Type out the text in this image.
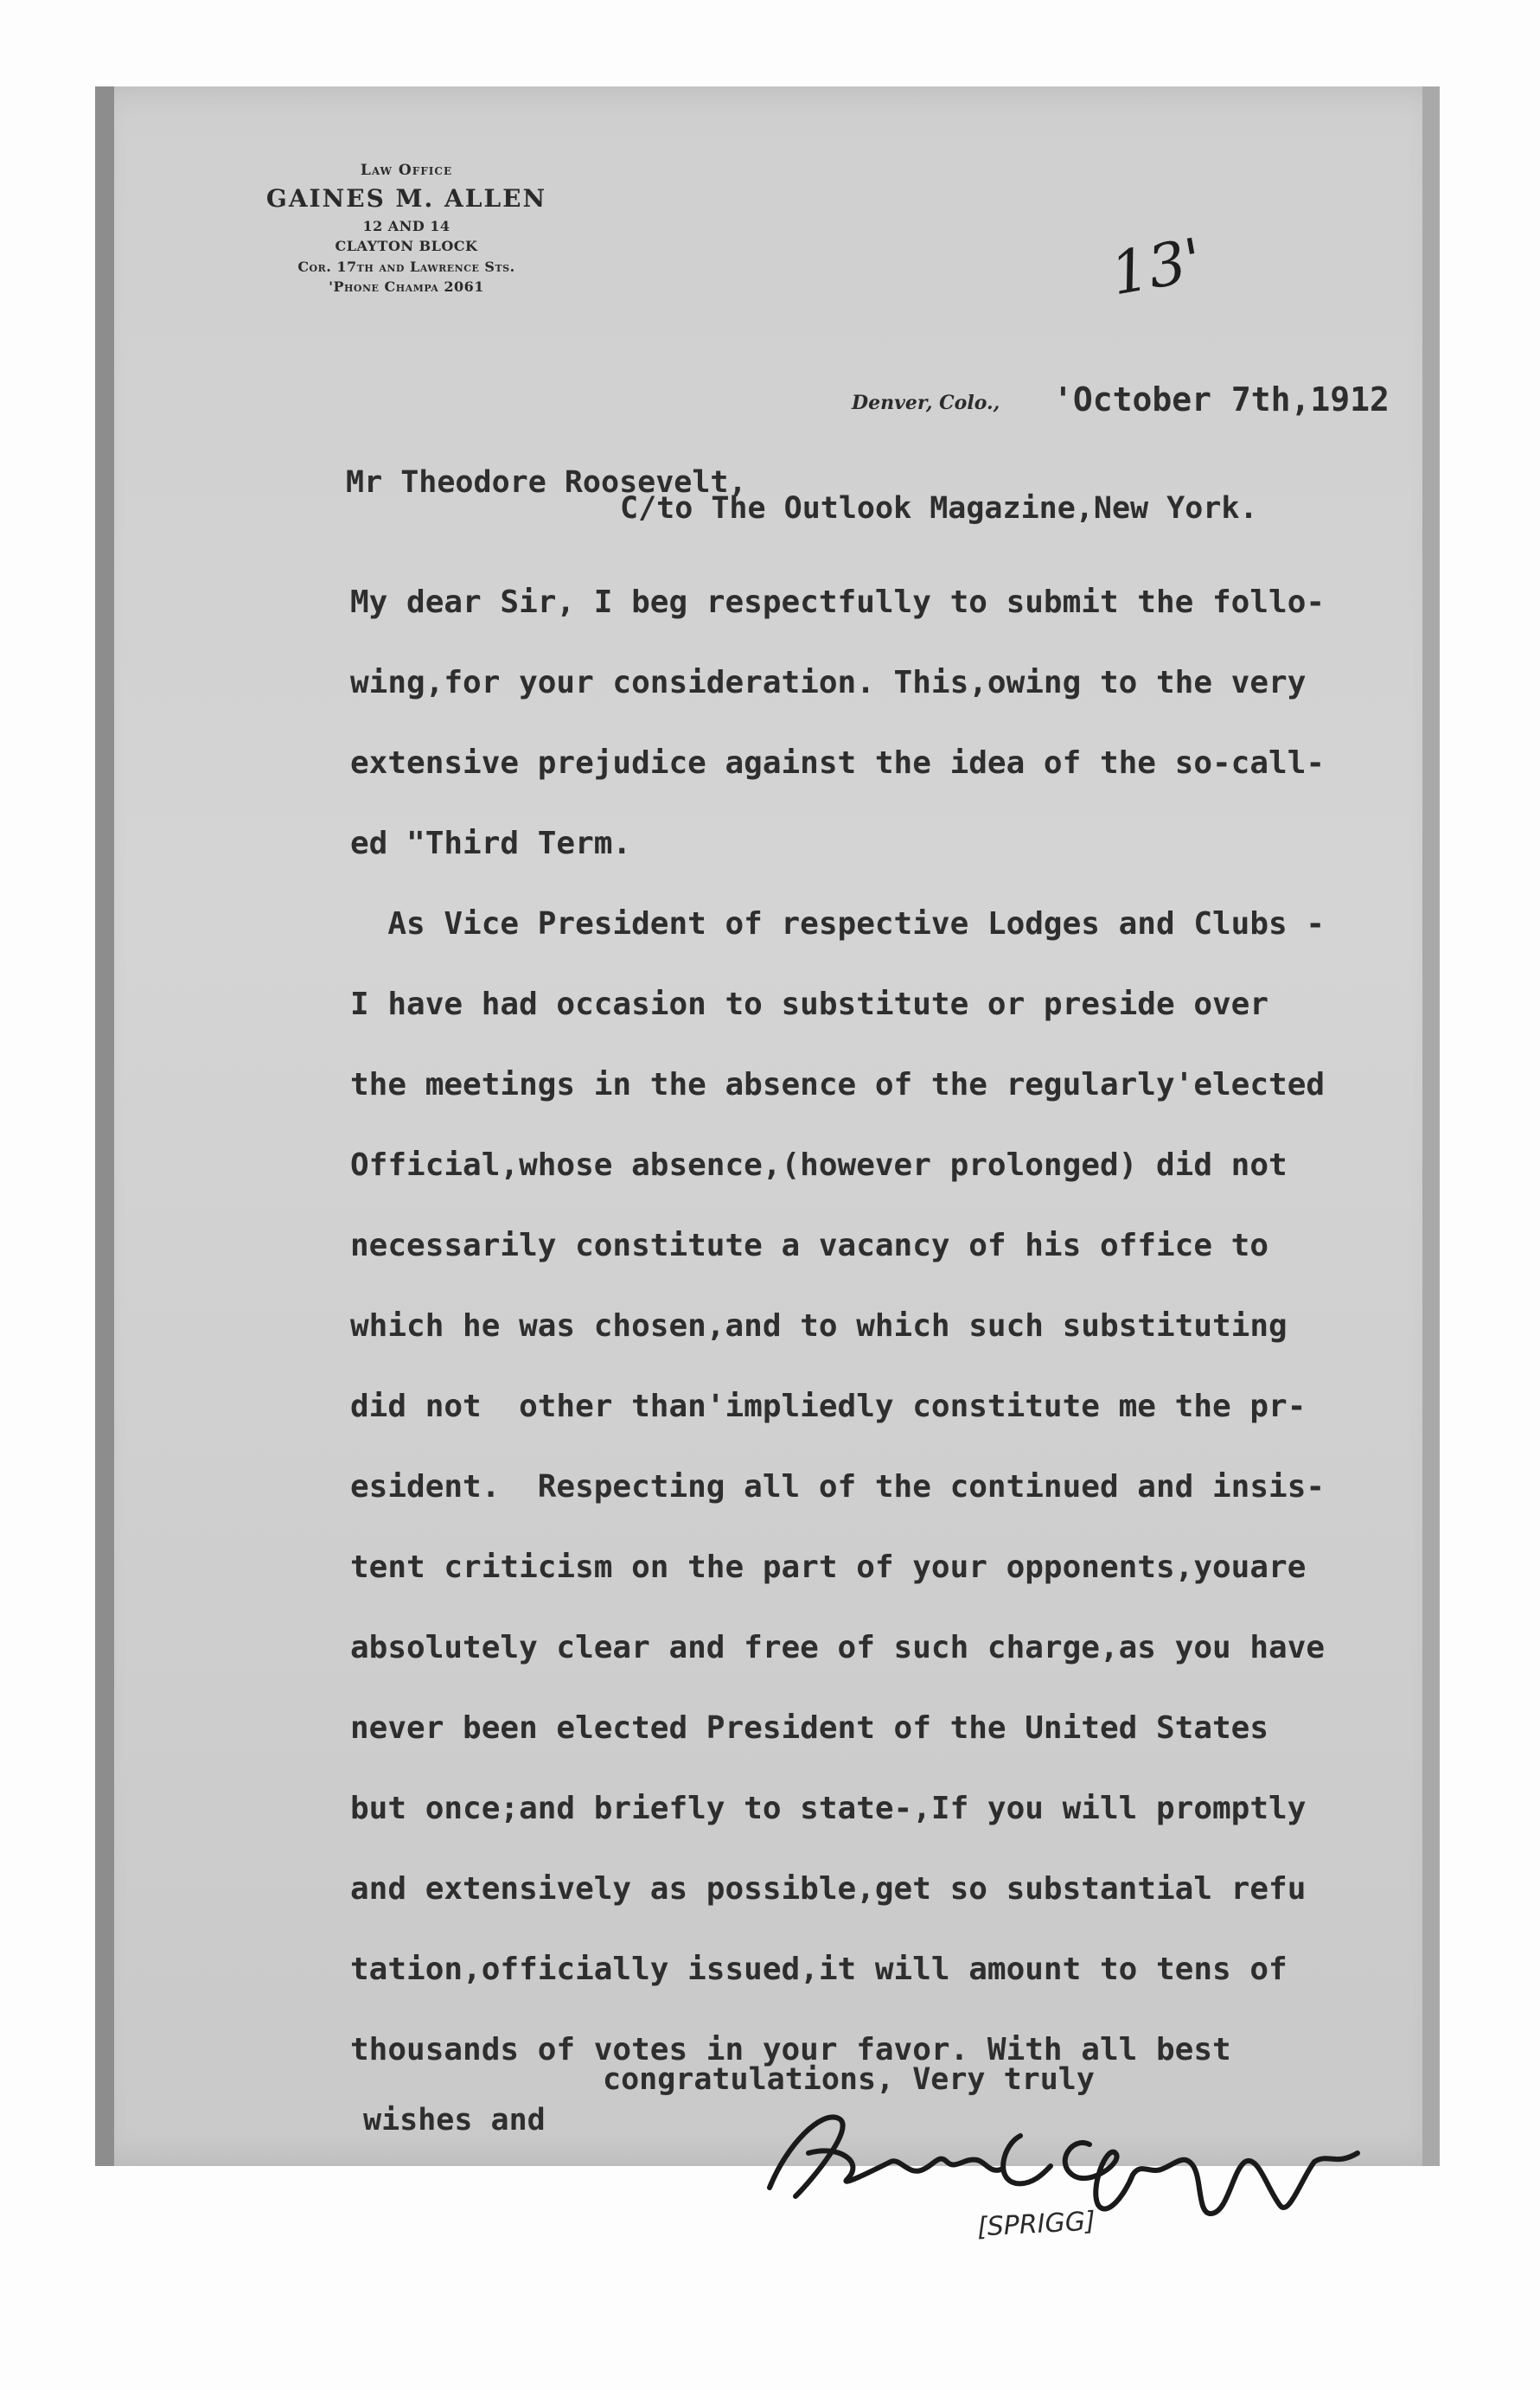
Law Office
GAINES M. ALLEN
12 AND 14
CLAYTON BLOCK
Cor. 17th and Lawrence Sts.
'Phone Champa 2061	13'
Denver, Colo., 'October 7th,1912
Mr Theodore Roosevelt,
C/to The Outlook Magazine,New York.
My dear Sir, I beg respectfully to submit the follo-
wing,for your consideration. This,owing to the very
extensive prejudice against the idea of the so-call-
ed "Third Term.
As Vice President of respective Lodges and Clubs -
I have had occasion to substitute or preside over
the meetings in the absence of the regularly'elected
Official,whose absence,(however prolonged) did not
necessarily constitute a vacancy of his office to
which he was chosen,and to which such substituting
did not  other than'impliedly constitute me the pr-
esident.  Respecting all of the continued and insis-
tent criticism on the part of your opponents,youare
absolutely clear and free of such charge,as you have
never been elected President of the United States
but once;and briefly to state-,If you will promptly
and extensively as possible,get so substantial refu
tation,officially issued,it will amount to tens of
thousands of votes in your favor. With all best
congratulations, Very truly
wishes and
[SPRIGG]
